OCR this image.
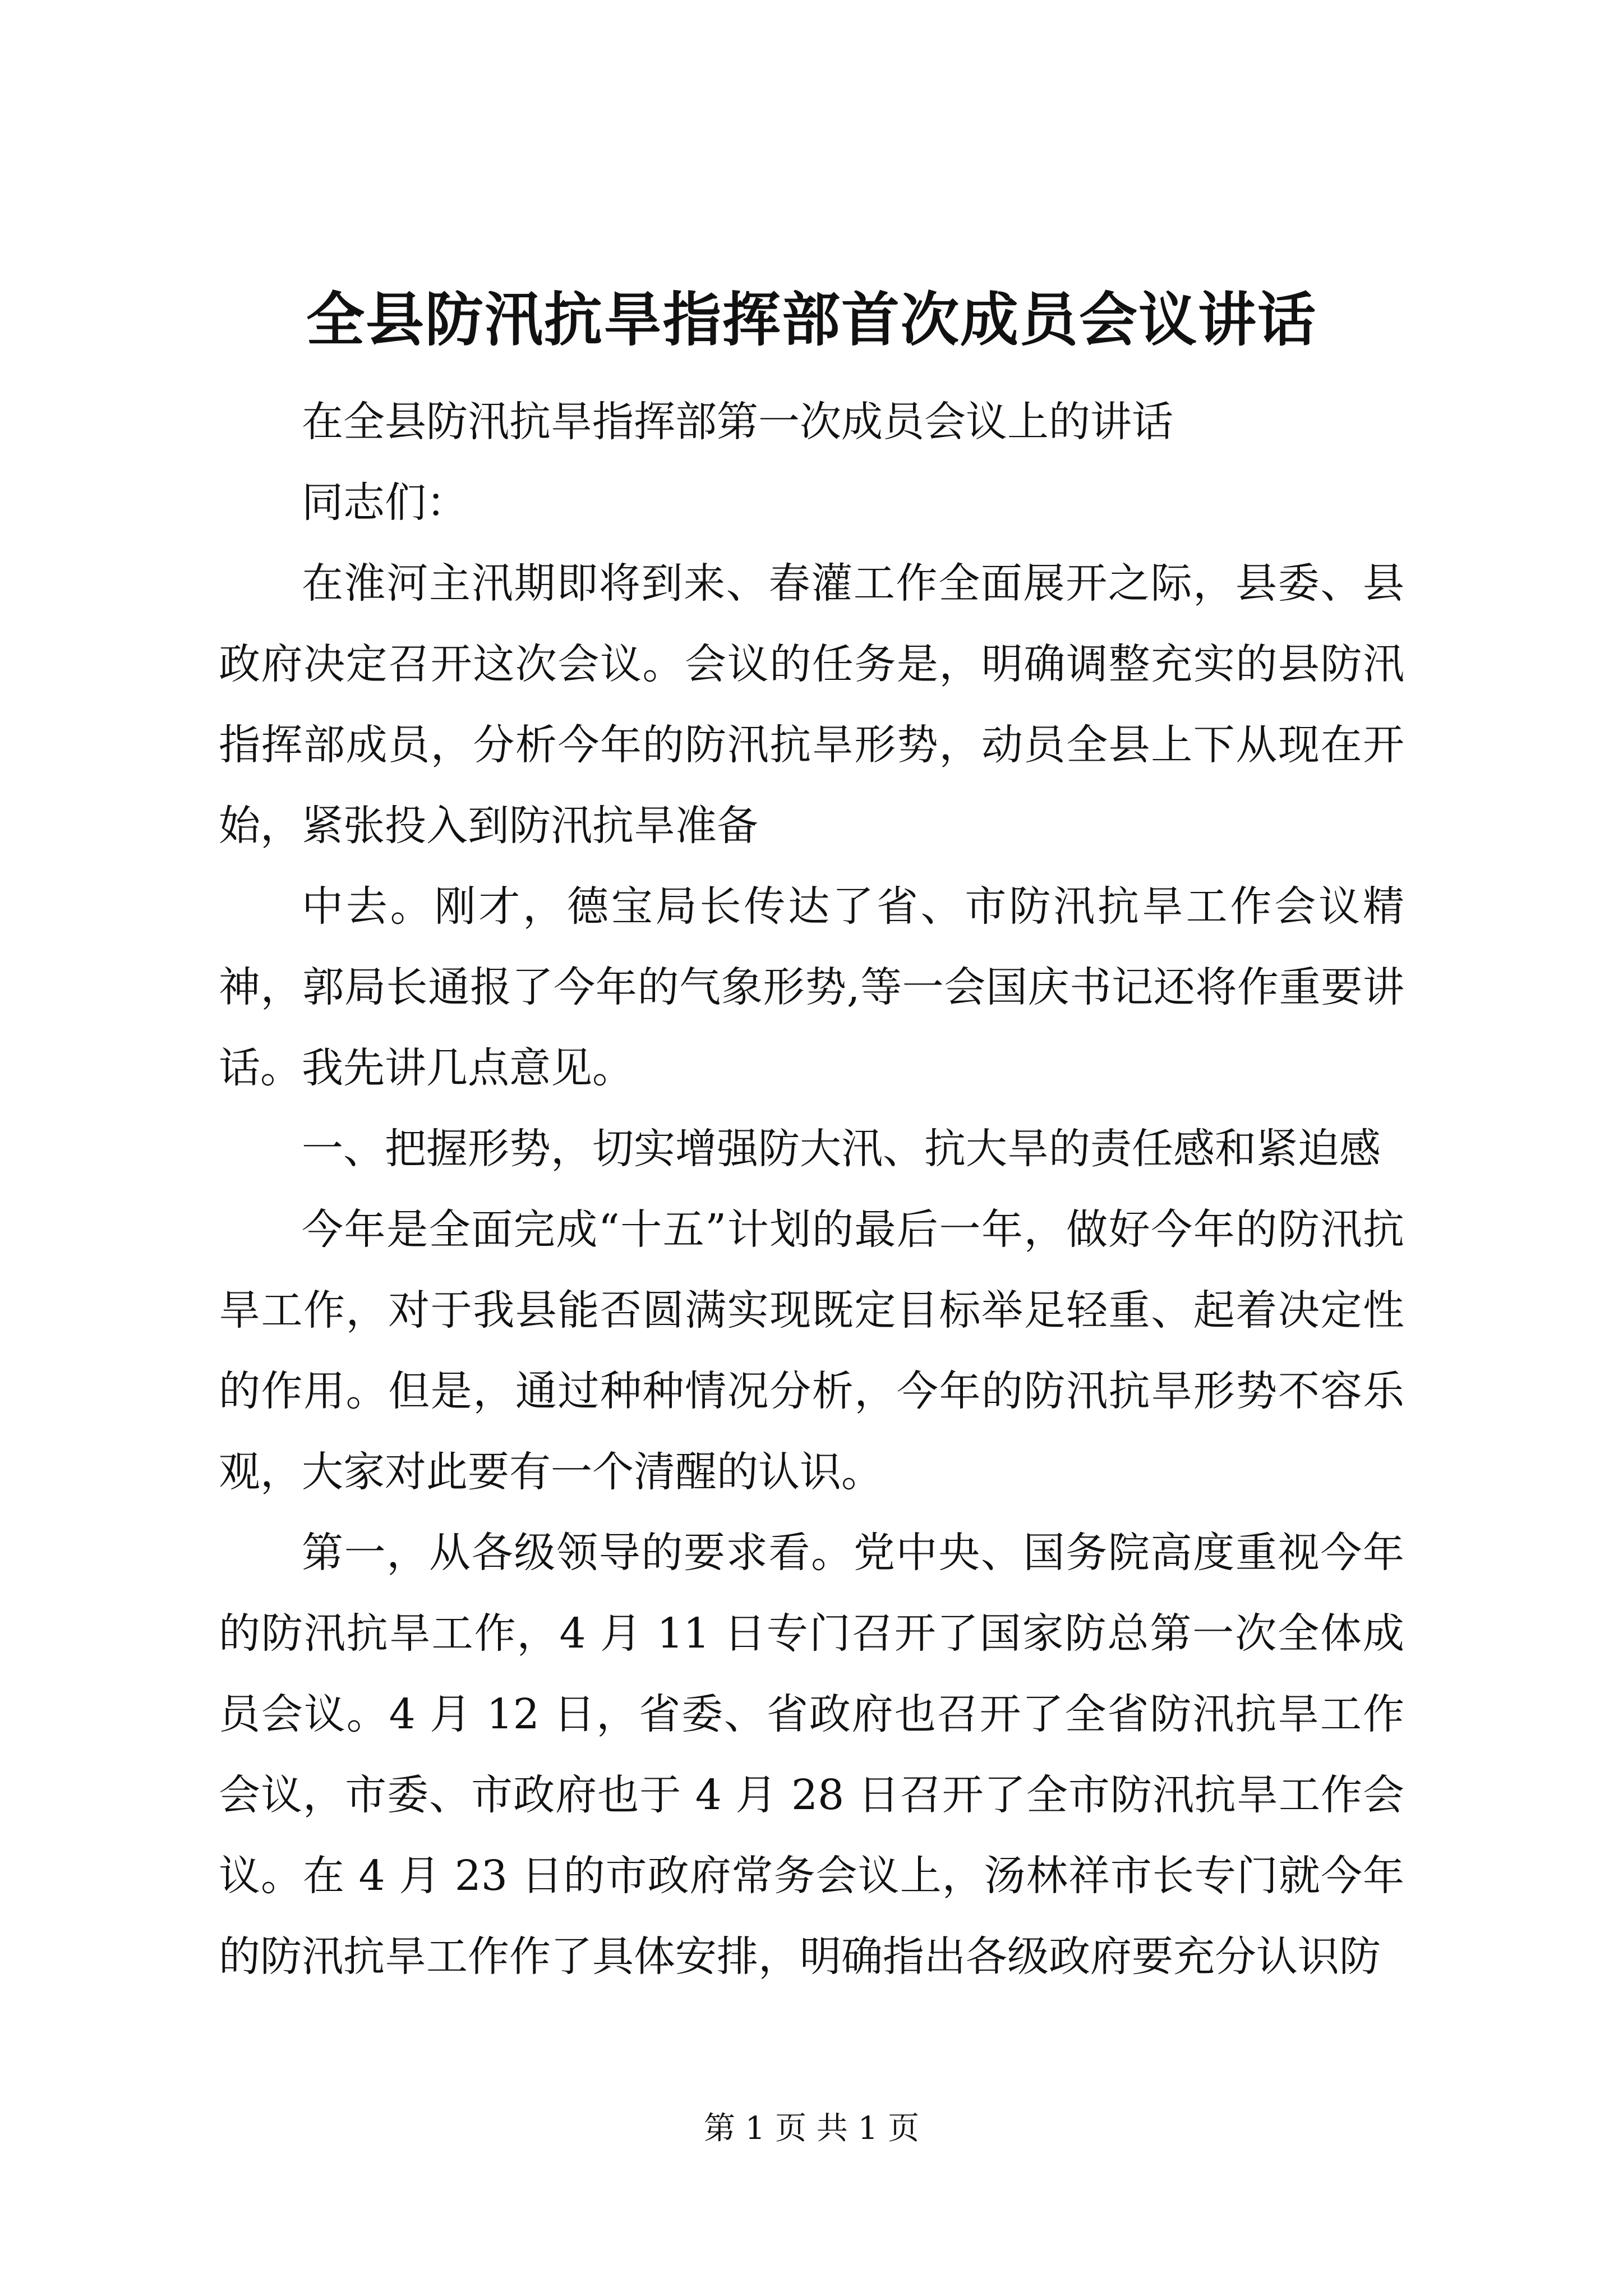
全县防汛抗旱指挥部首次成员会议讲话

在全县防汛抗旱指挥部第一次成员会议上的讲话

同志们：

在淮河主汛期即将到来、春灌工作全面展开之际，县委、县政府决定召开这次会议。会议的任务是，明确调整充实的县防汛指挥部成员，分析今年的防汛抗旱形势，动员全县上下从现在开始，紧张投入到防汛抗旱准备

中去。刚才，德宝局长传达了省、市防汛抗旱工作会议精神，郭局长通报了今年的气象形势,等一会国庆书记还将作重要讲话。我先讲几点意见。

一、把握形势，切实增强防大汛、抗大旱的责任感和紧迫感

今年是全面完成“十五”计划的最后一年，做好今年的防汛抗旱工作，对于我县能否圆满实现既定目标举足轻重、起着决定性的作用。但是，通过种种情况分析，今年的防汛抗旱形势不容乐观，大家对此要有一个清醒的认识。

第一，从各级领导的要求看。党中央、国务院高度重视今年的防汛抗旱工作，4 月 11 日专门召开了国家防总第一次全体成员会议。4 月 12 日，省委、省政府也召开了全省防汛抗旱工作会议，市委、市政府也于 4 月 28 日召开了全市防汛抗旱工作会议。在 4 月 23 日的市政府常务会议上，汤林祥市长专门就今年的防汛抗旱工作作了具体安排，明确指出各级政府要充分认识防

第 1 页 共 1 页
